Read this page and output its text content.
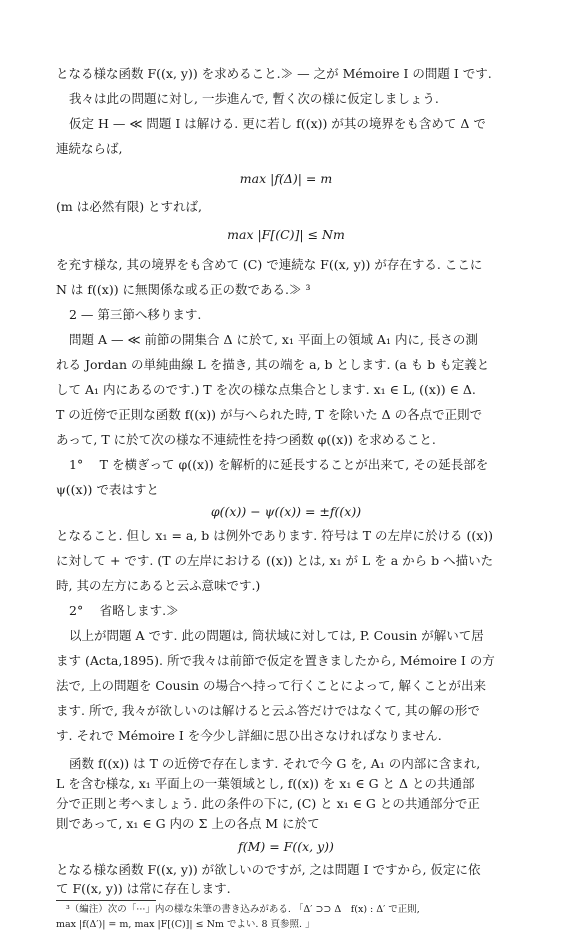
となる様な函数 F((x, y)) を求めること.≫ — 之が Mémoire I の問題 I です.
我々は此の問題に対し, 一歩進んで, 暫く次の様に仮定しましょう.
仮定 H — ≪ 問題 I は解ける. 更に若し f((x)) が其の境界をも含めて Δ で
連続ならば,
max |f(Δ)| = m
(m は必然有限) とすれば,
max |F[(C)]| ≤ Nm
を充す様な, 其の境界をも含めて (C) で連続な F((x, y)) が存在する. ここに
N は f((x)) に無関係な或る正の数である.≫ ³
2 — 第三節へ移ります.
問題 A — ≪ 前節の開集合 Δ に於て, x₁ 平面上の領域 A₁ 内に, 長さの測
れる Jordan の単純曲線 L を描き, 其の端を a, b とします. (a も b も定義と
して A₁ 内にあるのです.) T を次の様な点集合とします. x₁ ∈ L, ((x)) ∈ Δ.
T の近傍で正則な函数 f((x)) が与へられた時, T を除いた Δ の各点で正則で
あって, T に於て次の様な不連続性を持つ函数 φ((x)) を求めること.
1°　 T を横ぎって φ((x)) を解析的に延長することが出来て, その延長部を
ψ((x)) で表はすと
φ((x)) − ψ((x)) = ±f((x))
となること. 但し x₁ = a, b は例外であります. 符号は T の左岸に於ける ((x))
に対して + です. (T の左岸における ((x)) とは, x₁ が L を a から b へ描いた
時, 其の左方にあると云ふ意味です.)
2°　 省略します.≫
以上が問題 A です. 此の問題は, 筒状域に対しては, P. Cousin が解いて居
ます (Acta,1895). 所で我々は前節で仮定を置きましたから, Mémoire I の方
法で, 上の問題を Cousin の場合へ持って行くことによって, 解くことが出来
ます. 所で, 我々が欲しいのは解けると云ふ答だけではなくて, 其の解の形で
す. それで Mémoire I を今少し詳細に思ひ出さなければなりません.
函数 f((x)) は T の近傍で存在します. それで今 G を, A₁ の内部に含まれ,
L を含む様な, x₁ 平面上の一葉領域とし, f((x)) を x₁ ∈ G と Δ との共通部
分で正則と考へましょう. 此の条件の下に, (C) と x₁ ∈ G との共通部分で正
則であって, x₁ ∈ G 内の Σ 上の各点 M に於て
f(M) = F((x, y))
となる様な函数 F((x, y)) が欲しいのですが, 之は問題 I ですから, 仮定に依
て F((x, y)) は常に存在します.
³（編注）次の「···」内の様な朱筆の書き込みがある. 「Δ′ ⊃⊃ Δ　f(x) : Δ′ で正則,
max |f(Δ′)| = m, max |F[(C)]| ≤ Nm でよい. 8 頁参照. 」
